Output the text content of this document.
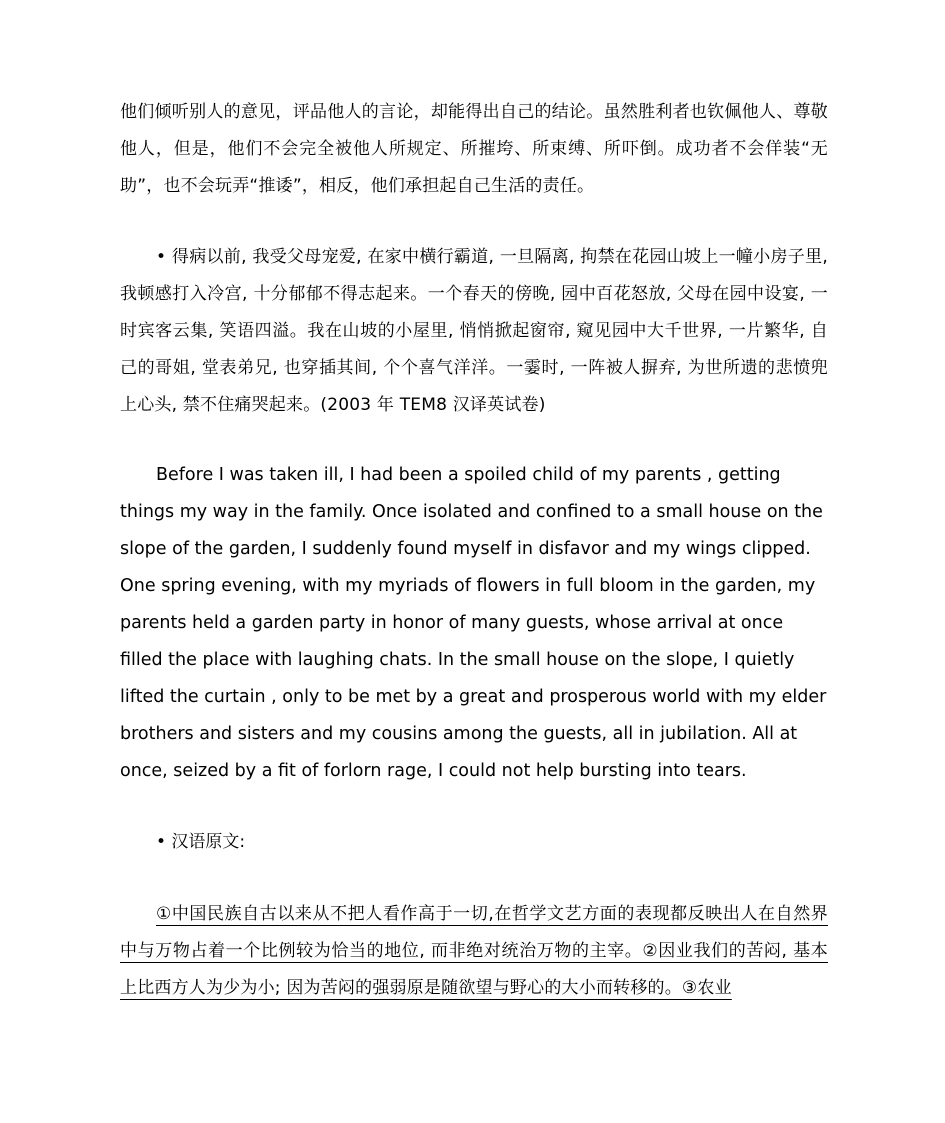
他们倾听别人的意见，评品他人的言论，却能得出自己的结论。虽然胜利者也钦佩他人、尊敬他人，但是，他们不会完全被他人所规定、所摧垮、所束缚、所吓倒。成功者不会佯装“无助”，也不会玩弄“推诿”，相反，他们承担起自己生活的责任。

• 得病以前, 我受父母宠爱, 在家中横行霸道, 一旦隔离, 拘禁在花园山坡上一幢小房子里, 我顿感打入冷宫, 十分郁郁不得志起来。一个春天的傍晚, 园中百花怒放, 父母在园中设宴, 一时宾客云集, 笑语四溢。我在山坡的小屋里, 悄悄掀起窗帘, 窥见园中大千世界, 一片繁华, 自己的哥姐, 堂表弟兄, 也穿插其间, 个个喜气洋洋。一霎时, 一阵被人摒弃, 为世所遗的悲愤兜上心头, 禁不住痛哭起来。(2003 年 TEM8 汉译英试卷)

Before I was taken ill, I had been a spoiled child of my parents , getting things my way in the family. Once isolated and confined to a small house on the slope of the garden, I suddenly found myself in disfavor and my wings clipped. One spring evening, with my myriads of flowers in full bloom in the garden, my parents held a garden party in honor of many guests, whose arrival at once filled the place with laughing chats. In the small house on the slope, I quietly lifted the curtain , only to be met by a great and prosperous world with my elder brothers and sisters and my cousins among the guests, all in jubilation. All at once, seized by a fit of forlorn rage, I could not help bursting into tears.

• 汉语原文:

①中国民族自古以来从不把人看作高于一切,在哲学文艺方面的表现都反映出人在自然界中与万物占着一个比例较为恰当的地位, 而非绝对统治万物的主宰。②因业我们的苦闷, 基本上比西方人为少为小; 因为苦闷的强弱原是随欲望与野心的大小而转移的。③农业
